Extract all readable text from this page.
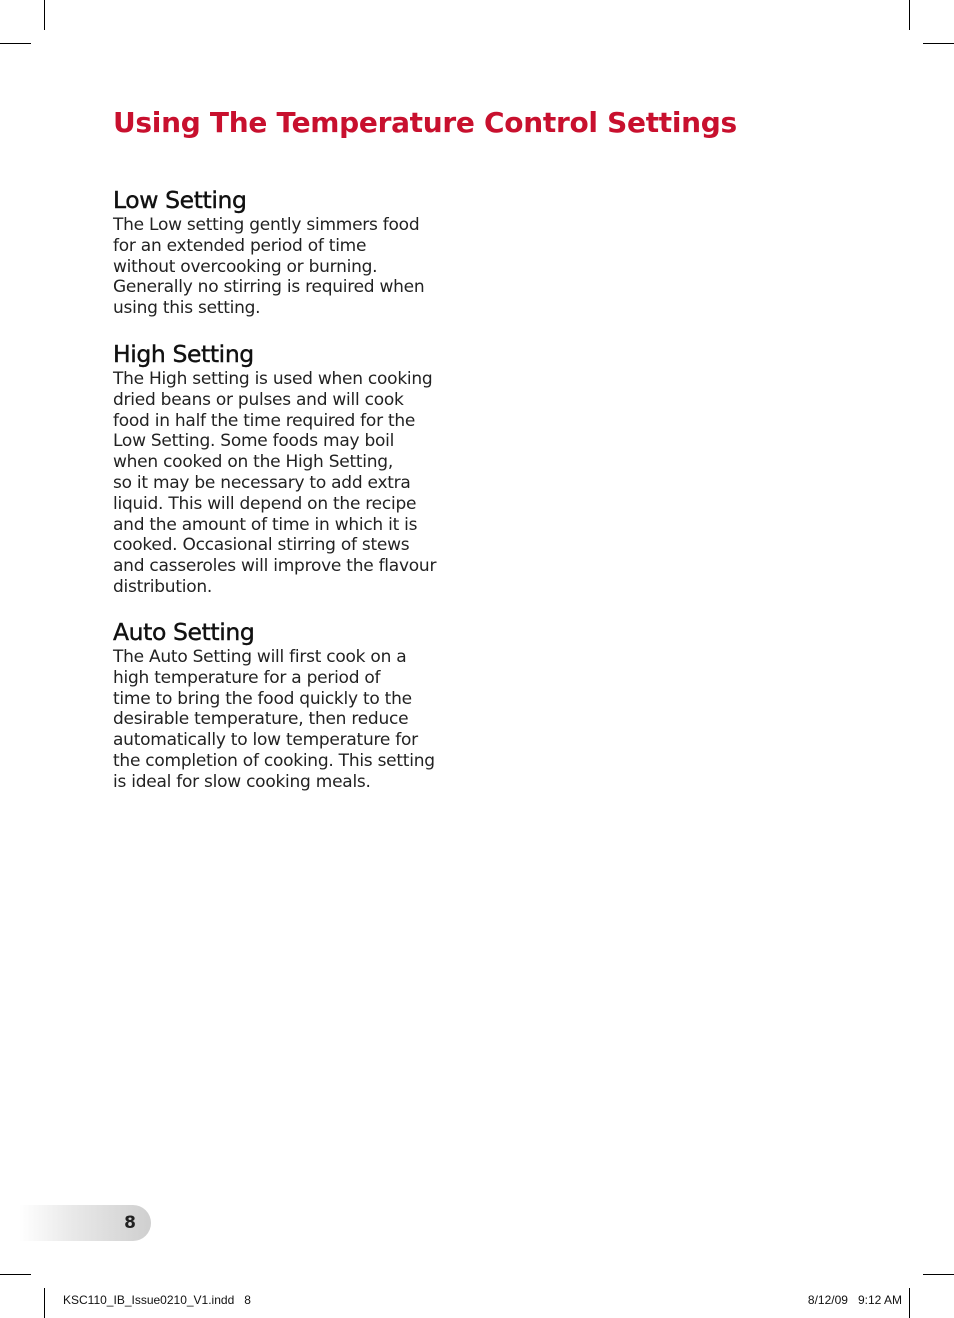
Using The Temperature Control Settings
Low Setting

The Low setting gently simmers food
for an extended period of time
without overcooking or burning.
Generally no stirring is required when
using this setting.

High Setting

The High setting is used when cooking
dried beans or pulses and will cook
food in half the time required for the
Low Setting. Some foods may boil
when cooked on the High Setting,
so it may be necessary to add extra
liquid. This will depend on the recipe
and the amount of time in which it is
cooked. Occasional stirring of stews
and casseroles will improve the flavour
distribution.

Auto Setting

The Auto Setting will first cook on a
high temperature for a period of
time to bring the food quickly to the
desirable temperature, then reduce
automatically to low temperature for
the completion of cooking. This setting
is ideal for slow cooking meals.

8
KSC110_IB_Issue0210_V1.indd   8	8/12/09   9:12 AM
